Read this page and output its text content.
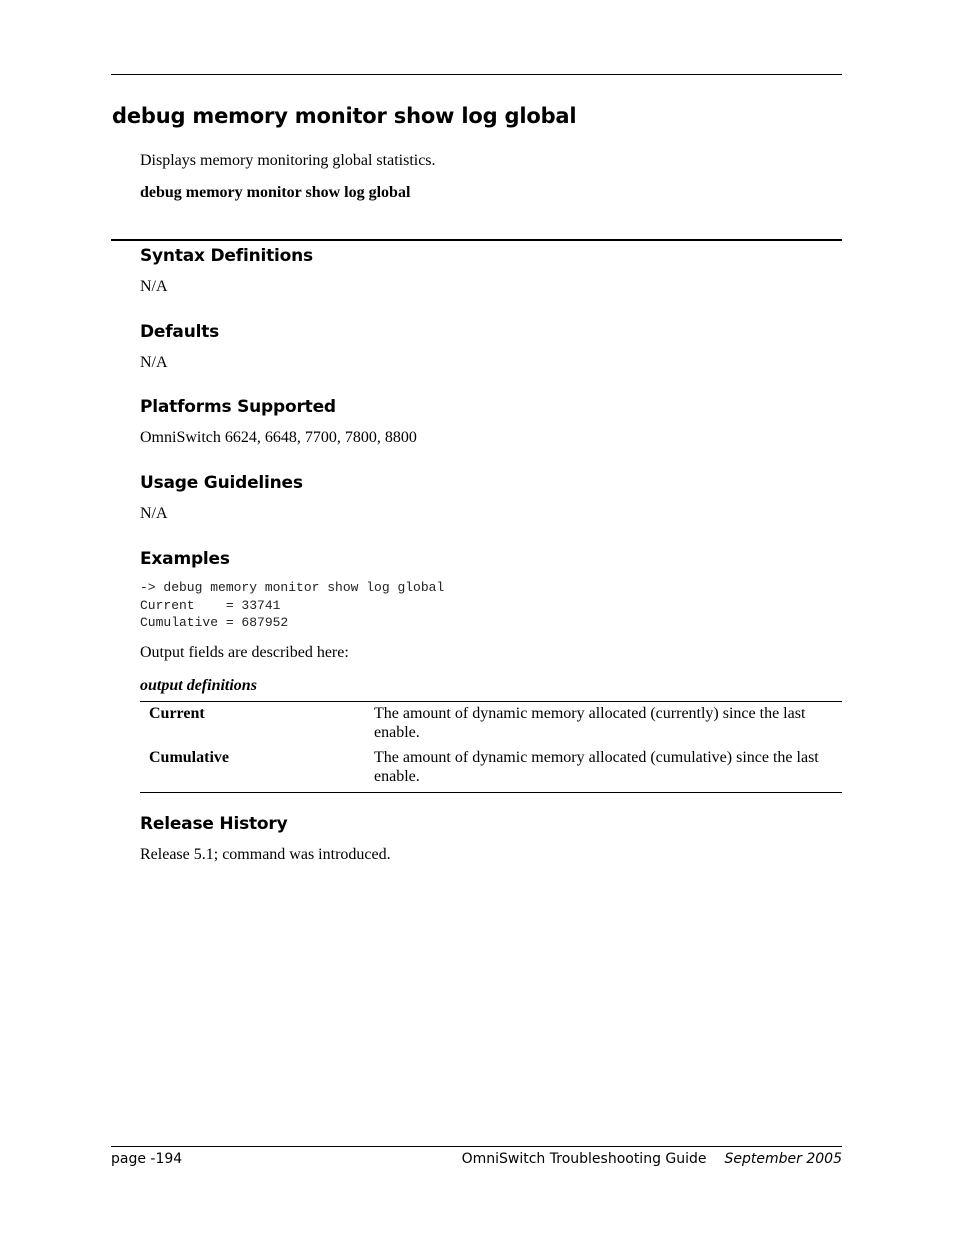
debug memory monitor show log global

Displays memory monitoring global statistics.

debug memory monitor show log global

Syntax Definitions

N/A

Defaults

N/A

Platforms Supported

OmniSwitch 6624, 6648, 7700, 7800, 8800

Usage Guidelines

N/A

Examples
-> debug memory monitor show log global
Current    = 33741
Cumulative = 687952

Output fields are described here:

output definitions

Current	The amount of dynamic memory allocated (currently) since the last enable.
Cumulative	The amount of dynamic memory allocated (cumulative) since the last enable.
Release History

Release 5.1; command was introduced.

page -194	OmniSwitch Troubleshooting Guide September 2005
